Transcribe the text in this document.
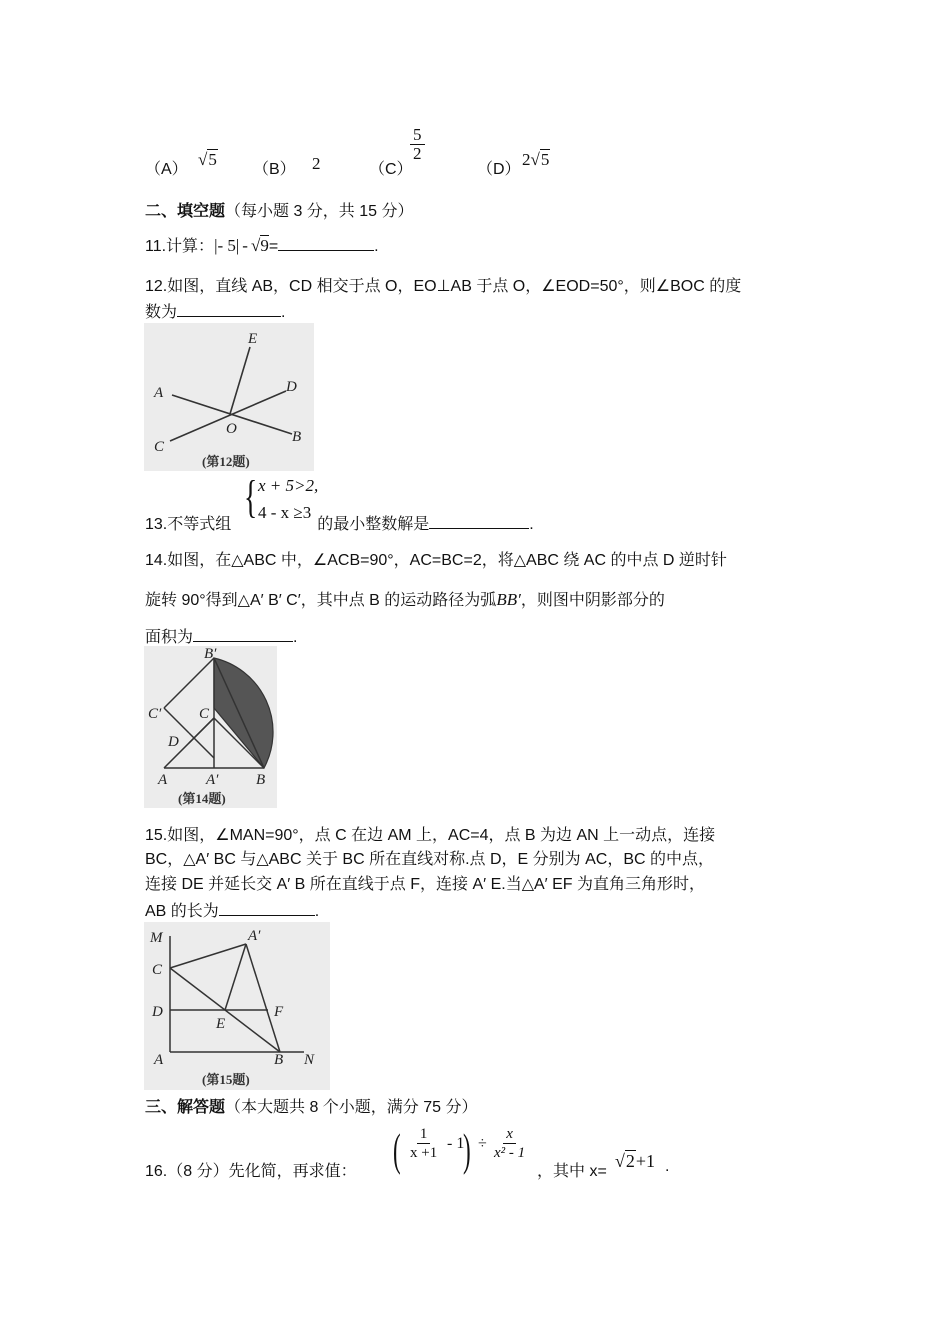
（A）
√5
（B） 2	（C）
$\frac{5}{2}$
（D）
2√5
二、填空题（每小题 3 分，共 15 分）
11.计算：|- 5| - √9=	.
12.如图，直线 AB，CD 相交于点 O，EO⊥AB 于点 O，∠EOD=50°，则∠BOC 的度
数为	.
E
A	D
O
C
B
(第12题)
{ x + 5>2,
4 - x ≥3
13.不等式组	的最小整数解是	.
14.如图，在△ABC 中，∠ACB=90°，AC=BC=2，将△ABC 绕 AC 的中点 D 逆时针
旋转 90°得到△A′ B′ C′，其中点 B 的运动路径为弧BB′，则图中阴影部分的
面积为	.
B′
C′	C
D
A	A′	B
(第14题)
15.如图，∠MAN=90°，点 C 在边 AM 上，AC=4，点 B 为边 AN 上一动点，连接
BC，△A′ BC 与△ABC 关于 BC 所在直线对称.点 D，E 分别为 AC，BC 的中点，
连接 DE 并延长交 A′ B 所在直线于点 F，连接 A′ E.当△A′ EF 为直角三角形时，
AB 的长为	.
M	A′
C
F
D
E
A	B N
(第15题)
三、解答题（本大题共 8 个小题，满分 75 分）
16.（8 分）先化简，再求值： ( $\frac{1}{x +1} - 1$
) ÷ $\frac{x}{\text{x² - 1}}$
，其中 x=
√2+1 .
